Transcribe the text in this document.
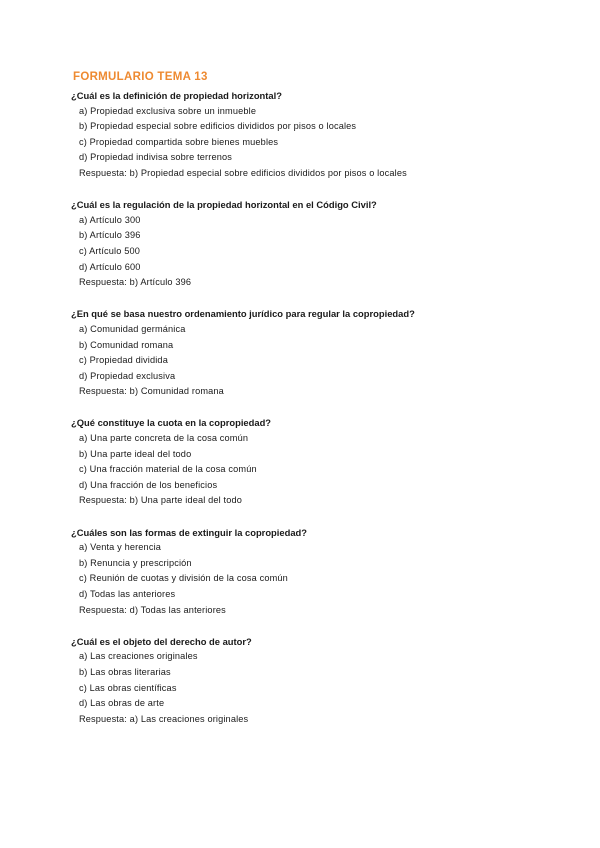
FORMULARIO TEMA 13
¿Cuál es la definición de propiedad horizontal?
a) Propiedad exclusiva sobre un inmueble
b) Propiedad especial sobre edificios divididos por pisos o locales
c) Propiedad compartida sobre bienes muebles
d) Propiedad indivisa sobre terrenos
Respuesta: b) Propiedad especial sobre edificios divididos por pisos o locales
¿Cuál es la regulación de la propiedad horizontal en el Código Civil?
a) Artículo 300
b) Artículo 396
c) Artículo 500
d) Artículo 600
Respuesta: b) Artículo 396
¿En qué se basa nuestro ordenamiento jurídico para regular la copropiedad?
a) Comunidad germánica
b) Comunidad romana
c) Propiedad dividida
d) Propiedad exclusiva
Respuesta: b) Comunidad romana
¿Qué constituye la cuota en la copropiedad?
a) Una parte concreta de la cosa común
b) Una parte ideal del todo
c) Una fracción material de la cosa común
d) Una fracción de los beneficios
Respuesta: b) Una parte ideal del todo
¿Cuáles son las formas de extinguir la copropiedad?
a) Venta y herencia
b) Renuncia y prescripción
c) Reunión de cuotas y división de la cosa común
d) Todas las anteriores
Respuesta: d) Todas las anteriores
¿Cuál es el objeto del derecho de autor?
a) Las creaciones originales
b) Las obras literarias
c) Las obras científicas
d) Las obras de arte
Respuesta: a) Las creaciones originales
